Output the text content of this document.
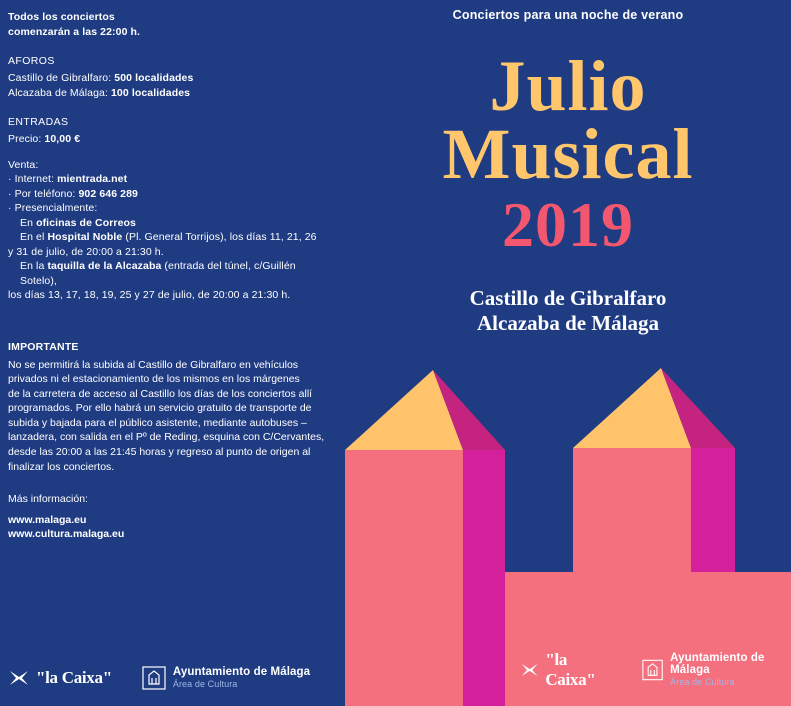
Todos los conciertos
comenzarán a las 22:00 h.
AFOROS
Castillo de Gibralfaro: 500 localidades
Alcazaba de Málaga: 100 localidades
ENTRADAS
Precio: 10,00 €
Venta:
· Internet: mientrada.net
· Por teléfono: 902 646 289
· Presencialmente:
En oficinas de Correos
En el Hospital Noble (Pl. General Torrijos), los días 11, 21, 26
y 31 de julio, de 20:00 a 21:30 h.
En la taquilla de la Alcazaba (entrada del túnel, c/Guillén Sotelo),
los días 13, 17, 18, 19, 25 y 27 de julio, de 20:00 a 21:30 h.
IMPORTANTE
No se permitirá la subida al Castillo de Gibralfaro en vehículos
privados ni el estacionamiento de los mismos en los márgenes
de la carretera de acceso al Castillo los días de los conciertos allí
programados. Por ello habrá un servicio gratuito de transporte de
subida y bajada para el público asistente, mediante autobuses –
lanzadera, con salida en el Pº de Reding, esquina con C/Cervantes,
desde las 20:00 a las 21:45 horas y regreso al punto de origen al
finalizar los conciertos.
Más información:
www.malaga.eu
www.cultura.malaga.eu
Conciertos para una noche de verano
Julio
Musical
2019
Castillo de Gibralfaro
Alcazaba de Málaga
"la Caixa"	Ayuntamiento de Málaga
Área de Cultura
"la Caixa"
Ayuntamiento de Málaga
Área de Cultura
